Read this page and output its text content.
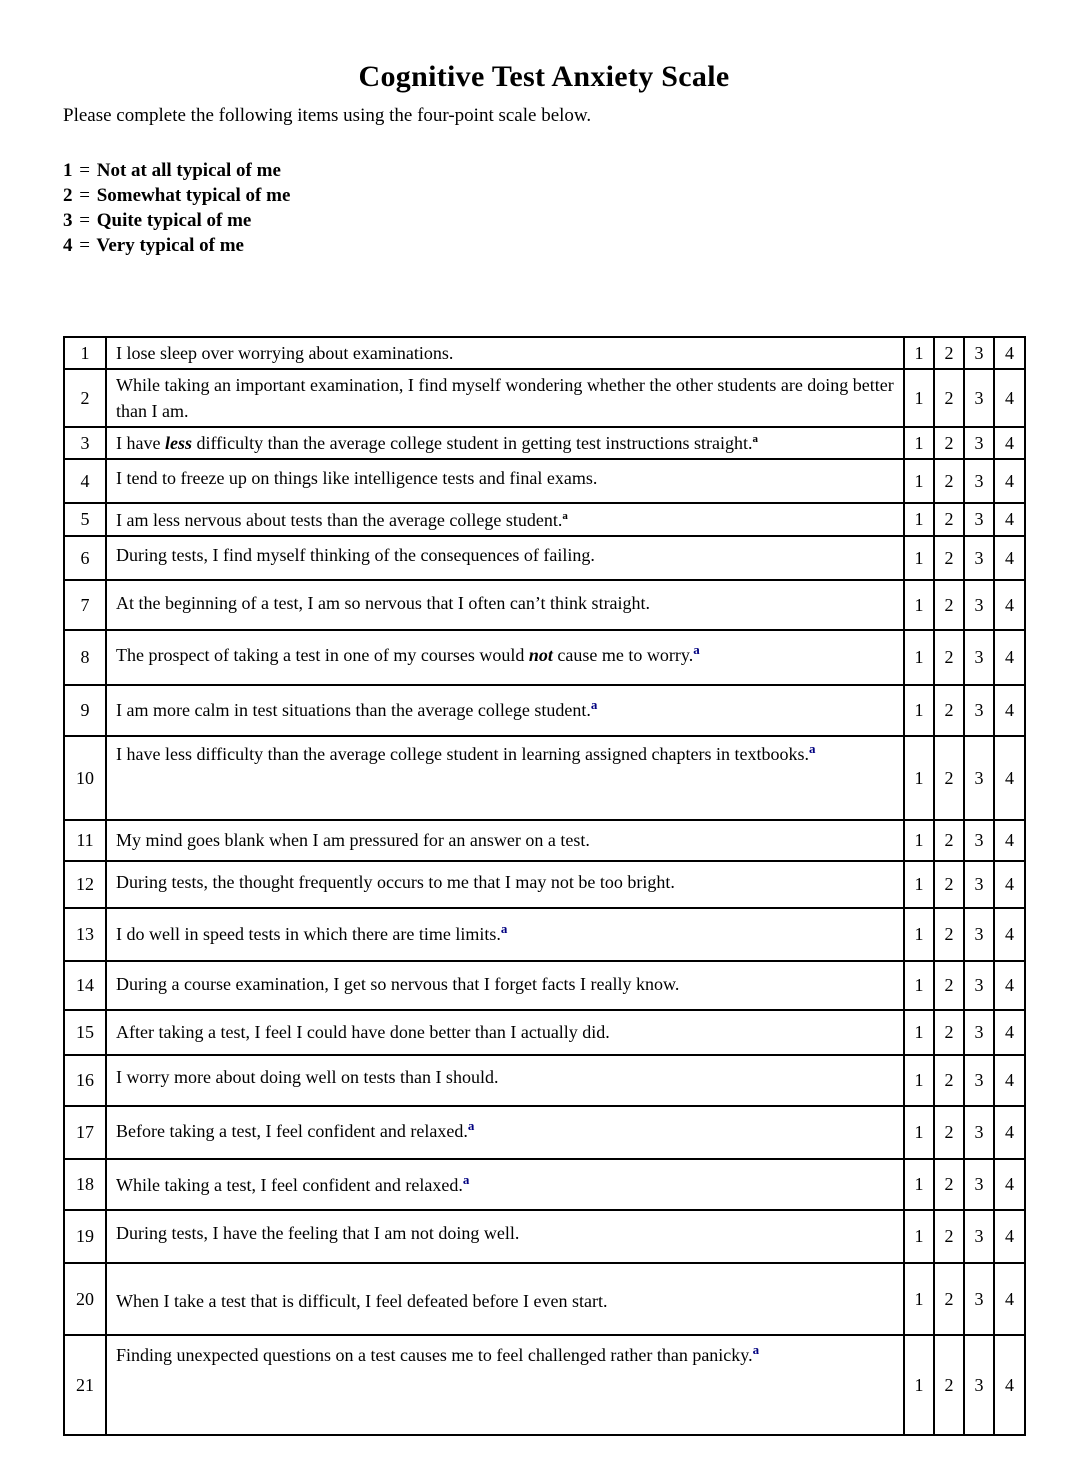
Cognitive Test Anxiety Scale

Please complete the following items using the four-point scale below.

1 = Not at all typical of me
2 = Somewhat typical of me
3 = Quite typical of me
4 = Very typical of me
1	I lose sleep over worrying about examinations.	1	2	3	4
2	While taking an important examination, I find myself wondering whether the other students are doing better than I am.	1	2	3	4
3	I have less difficulty than the average college student in getting test instructions straight.$^a$	1	2	3	4
4	I tend to freeze up on things like intelligence tests and final exams.	1	2	3	4
5	I am less nervous about tests than the average college student.$^a$	1	2	3	4
6	During tests, I find myself thinking of the consequences of failing.	1	2	3	4
7	At the beginning of a test, I am so nervous that I often can’t think straight.	1	2	3	4
8	The prospect of taking a test in one of my courses would not cause me to worry.$^a$	1	2	3	4
9	I am more calm in test situations than the average college student.$^a$	1	2	3	4
10	I have less difficulty than the average college student in learning assigned chapters in textbooks.$^a$	1	2	3	4
11	My mind goes blank when I am pressured for an answer on a test.	1	2	3	4
12	During tests, the thought frequently occurs to me that I may not be too bright.	1	2	3	4
13	I do well in speed tests in which there are time limits.$^a$	1	2	3	4
14	During a course examination, I get so nervous that I forget facts I really know.	1	2	3	4
15	After taking a test, I feel I could have done better than I actually did.	1	2	3	4
16	I worry more about doing well on tests than I should.	1	2	3	4
17	Before taking a test, I feel confident and relaxed.$^a$	1	2	3	4
18	While taking a test, I feel confident and relaxed.$^a$	1	2	3	4
19	During tests, I have the feeling that I am not doing well.	1	2	3	4
20	When I take a test that is difficult, I feel defeated before I even start.	1	2	3	4
21	Finding unexpected questions on a test causes me to feel challenged rather than panicky.$^a$	1	2	3	4
